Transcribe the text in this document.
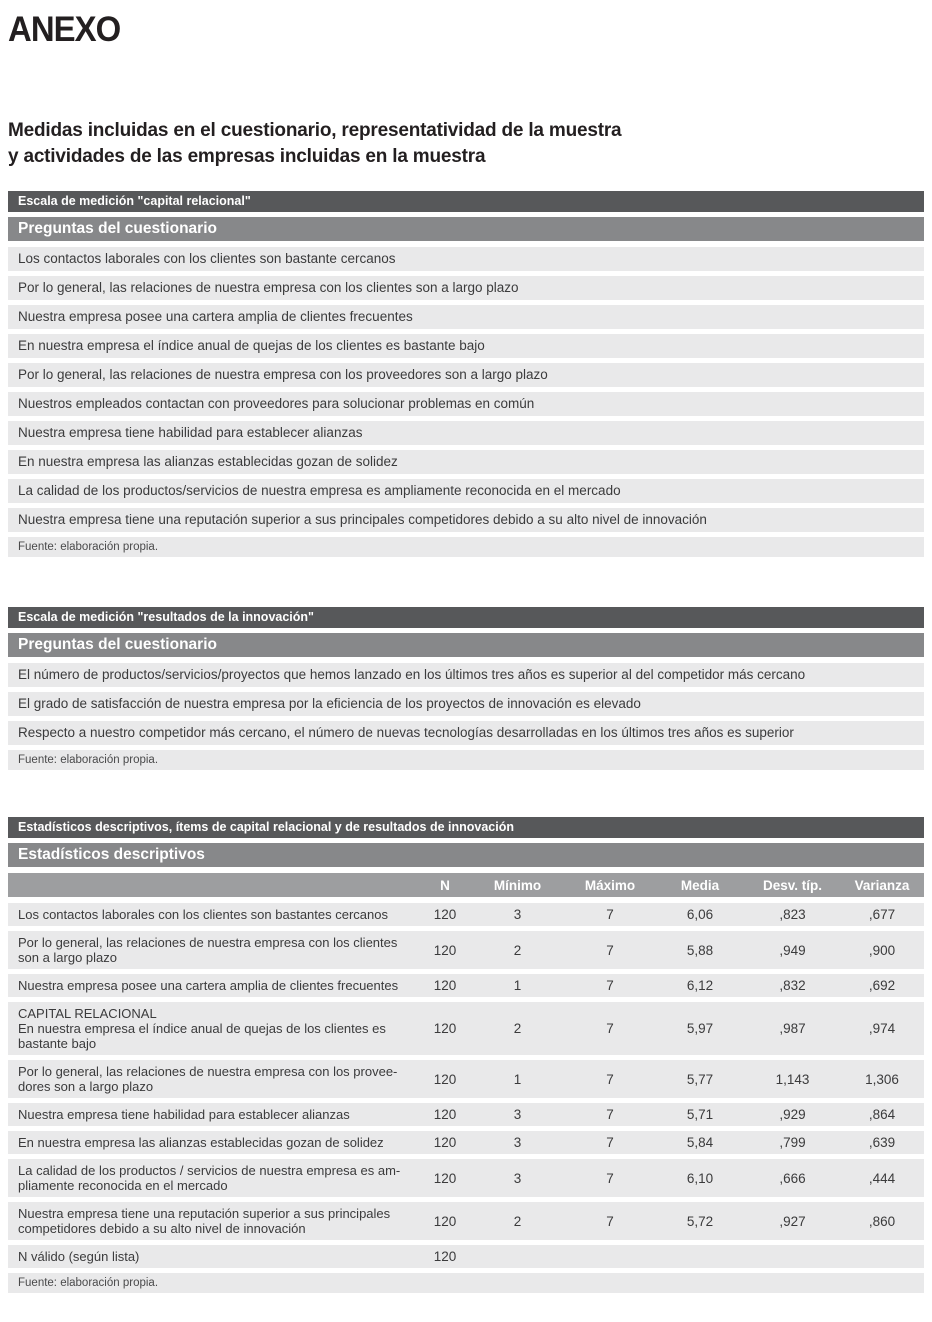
ANEXO
Medidas incluidas en el cuestionario, representatividad de la muestra
y actividades de las empresas incluidas en la muestra
Escala de medición "capital relacional"
Preguntas del cuestionario
Los contactos laborales con los clientes son bastante cercanos
Por lo general, las relaciones de nuestra empresa con los clientes son a largo plazo
Nuestra empresa posee una cartera amplia de clientes frecuentes
En nuestra empresa el índice anual de quejas de los clientes es bastante bajo
Por lo general, las relaciones de nuestra empresa con los proveedores son a largo plazo
Nuestros empleados contactan con proveedores para solucionar problemas en común
Nuestra empresa tiene habilidad para establecer alianzas
En nuestra empresa las alianzas establecidas gozan de solidez
La calidad de los productos/servicios de nuestra empresa es ampliamente reconocida en el mercado
Nuestra empresa tiene una reputación superior a sus principales competidores debido a su alto nivel de innovación
Fuente: elaboración propia.
Escala de medición "resultados de la innovación"
Preguntas del cuestionario
El número de productos/servicios/proyectos que hemos lanzado en los últimos tres años es superior al del competidor más cercano
El grado de satisfacción de nuestra empresa por la eficiencia de los proyectos de innovación es elevado
Respecto a nuestro competidor más cercano, el número de nuevas tecnologías desarrolladas en los últimos tres años es superior
Fuente: elaboración propia.
Estadísticos descriptivos, ítems de capital relacional y de resultados de innovación
Estadísticos descriptivos
N	Mínimo	Máximo	Media	Desv. típ.	Varianza
Los contactos laborales con los clientes son bastantes cercanos	120	3	7	6,06	,823	,677
Por lo general, las relaciones de nuestra empresa con los clientes
son a largo plazo	120	2	7	5,88	,949	,900
Nuestra empresa posee una cartera amplia de clientes frecuentes	120	1	7	6,12	,832	,692
CAPITAL RELACIONAL
En nuestra empresa el índice anual de quejas de los clientes es
bastante bajo
120	2	7	5,97	,987	,974
Por lo general, las relaciones de nuestra empresa con los provee-
dores son a largo plazo	120	1	7	5,77	1,143	1,306
Nuestra empresa tiene habilidad para establecer alianzas	120	3	7	5,71	,929	,864
En nuestra empresa las alianzas establecidas gozan de solidez	120	3	7	5,84	,799	,639
La calidad de los productos / servicios de nuestra empresa es am-
pliamente reconocida en el mercado	120	3	7	6,10	,666	,444
Nuestra empresa tiene una reputación superior a sus principales
competidores debido a su alto nivel de innovación	120	2	7	5,72	,927	,860
N válido (según lista)	120
Fuente: elaboración propia.
